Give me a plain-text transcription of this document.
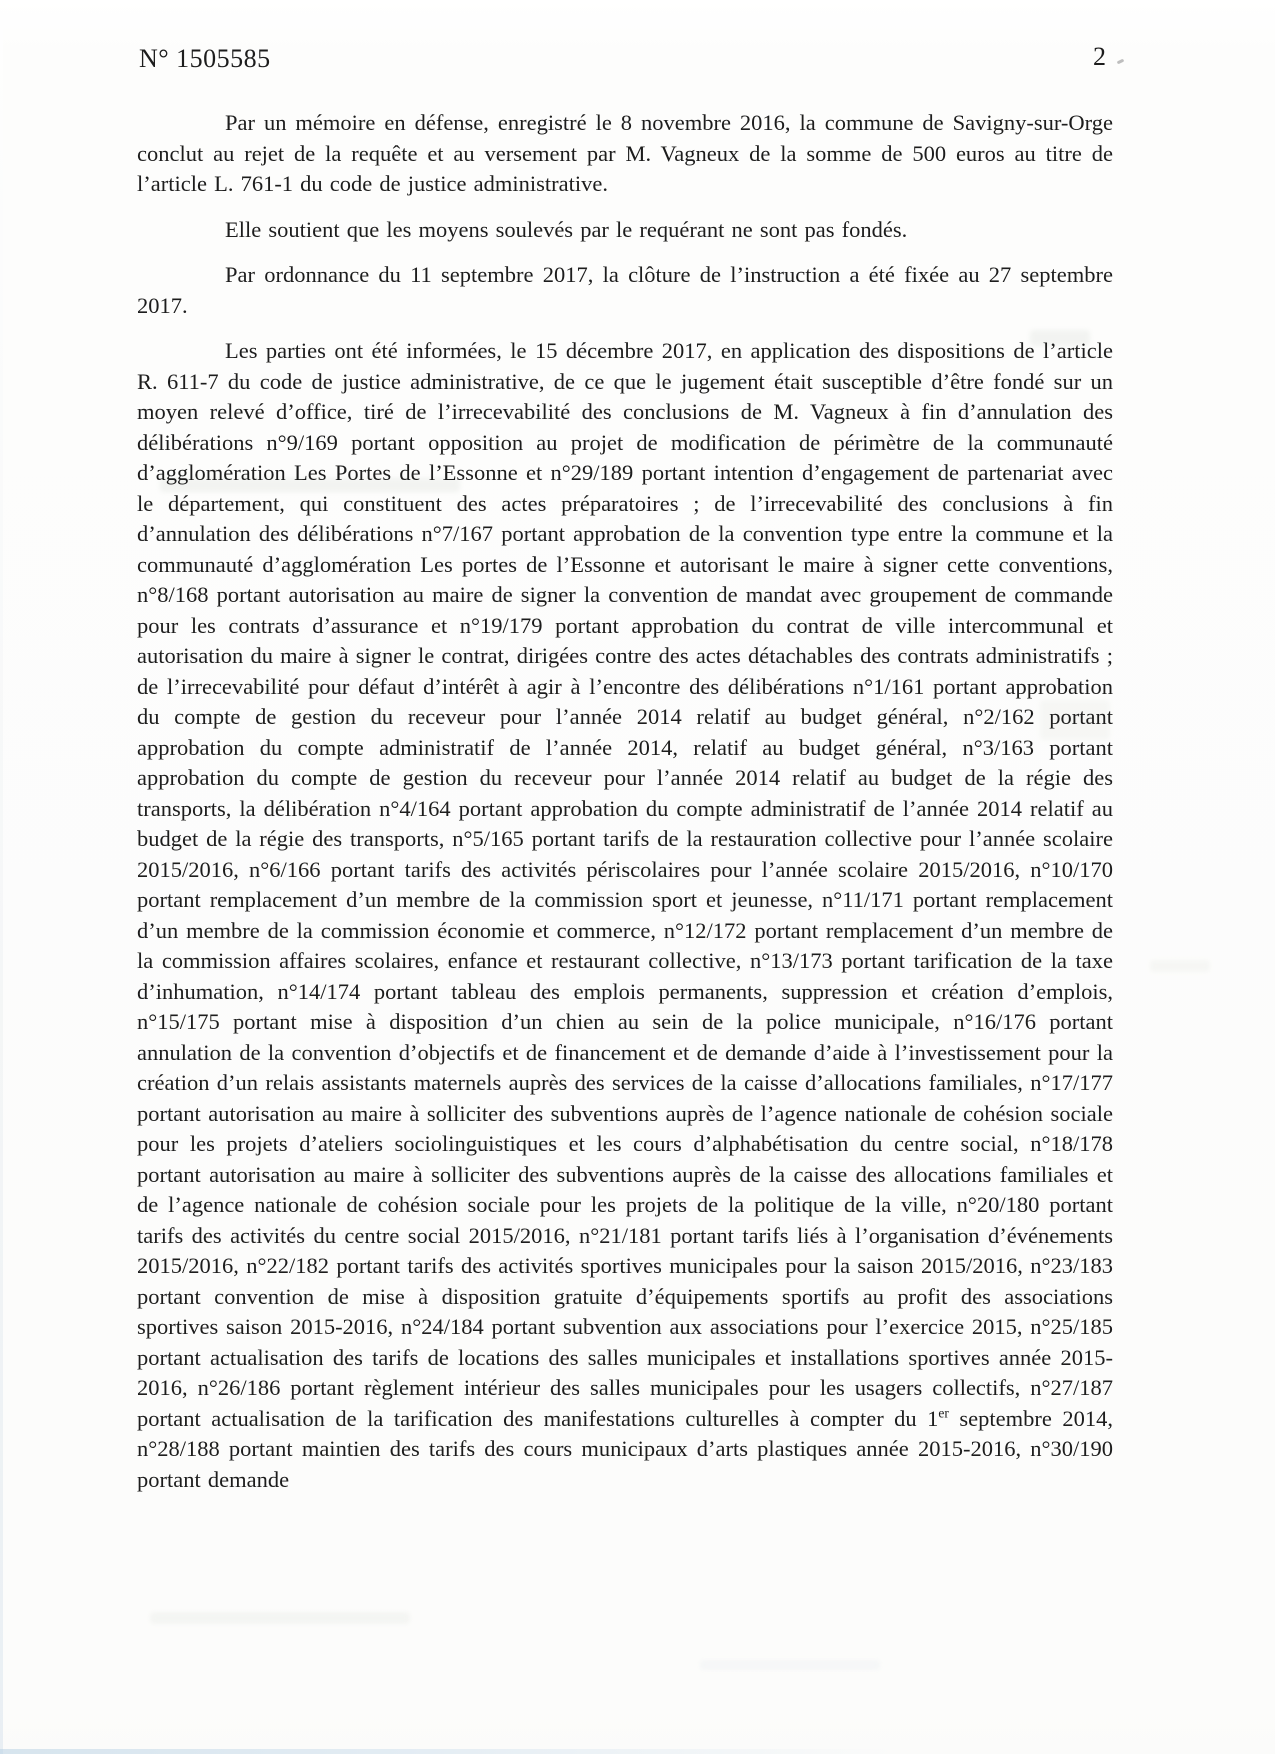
N° 1505585	2

Par un mémoire en défense, enregistré le 8 novembre 2016, la commune de Savigny-sur-Orge conclut au rejet de la requête et au versement par M. Vagneux de la somme de 500 euros au titre de l’article L. 761-1 du code de justice administrative.

Elle soutient que les moyens soulevés par le requérant ne sont pas fondés.

Par ordonnance du 11 septembre 2017, la clôture de l’instruction a été fixée au 27 septembre 2017.

Les parties ont été informées, le 15 décembre 2017, en application des dispositions de l’article R. 611-7 du code de justice administrative, de ce que le jugement était susceptible d’être fondé sur un moyen relevé d’office, tiré de l’irrecevabilité des conclusions de M. Vagneux à fin d’annulation des délibérations n°9/169 portant opposition au projet de modification de périmètre de la communauté d’agglomération Les Portes de l’Essonne et n°29/189 portant intention d’engagement de partenariat avec le département, qui constituent des actes préparatoires ; de l’irrecevabilité des conclusions à fin d’annulation des délibérations n°7/167 portant approbation de la convention type entre la commune et la communauté d’agglomération Les portes de l’Essonne et autorisant le maire à signer cette conventions, n°8/168 portant autorisation au maire de signer la convention de mandat avec groupement de commande pour les contrats d’assurance et n°19/179 portant approbation du contrat de ville intercommunal et autorisation du maire à signer le contrat, dirigées contre des actes détachables des contrats administratifs ; de l’irrecevabilité pour défaut d’intérêt à agir à l’encontre des délibérations n°1/161 portant approbation du compte de gestion du receveur pour l’année 2014 relatif au budget général, n°2/162 portant approbation du compte administratif de l’année 2014, relatif au budget général, n°3/163 portant approbation du compte de gestion du receveur pour l’année 2014 relatif au budget de la régie des transports, la délibération n°4/164 portant approbation du compte administratif de l’année 2014 relatif au budget de la régie des transports, n°5/165 portant tarifs de la restauration collective pour l’année scolaire 2015/2016, n°6/166 portant tarifs des activités périscolaires pour l’année scolaire 2015/2016, n°10/170 portant remplacement d’un membre de la commission sport et jeunesse, n°11/171 portant remplacement d’un membre de la commission économie et commerce, n°12/172 portant remplacement d’un membre de la commission affaires scolaires, enfance et restaurant collective, n°13/173 portant tarification de la taxe d’inhumation, n°14/174 portant tableau des emplois permanents, suppression et création d’emplois, n°15/175 portant mise à disposition d’un chien au sein de la police municipale, n°16/176 portant annulation de la convention d’objectifs et de financement et de demande d’aide à l’investissement pour la création d’un relais assistants maternels auprès des services de la caisse d’allocations familiales, n°17/177 portant autorisation au maire à solliciter des subventions auprès de l’agence nationale de cohésion sociale pour les projets d’ateliers sociolinguistiques et les cours d’alphabétisation du centre social, n°18/178 portant autorisation au maire à solliciter des subventions auprès de la caisse des allocations familiales et de l’agence nationale de cohésion sociale pour les projets de la politique de la ville, n°20/180 portant tarifs des activités du centre social 2015/2016, n°21/181 portant tarifs liés à l’organisation d’événements 2015/2016, n°22/182 portant tarifs des activités sportives municipales pour la saison 2015/2016, n°23/183 portant convention de mise à disposition gratuite d’équipements sportifs au profit des associations sportives saison 2015-2016, n°24/184 portant subvention aux associations pour l’exercice 2015, n°25/185 portant actualisation des tarifs de locations des salles municipales et installations sportives année 2015-2016, n°26/186 portant règlement intérieur des salles municipales pour les usagers collectifs, n°27/187 portant actualisation de la tarification des manifestations culturelles à compter du 1er septembre 2014, n°28/188 portant maintien des tarifs des cours municipaux d’arts plastiques année 2015-2016, n°30/190 portant demande
